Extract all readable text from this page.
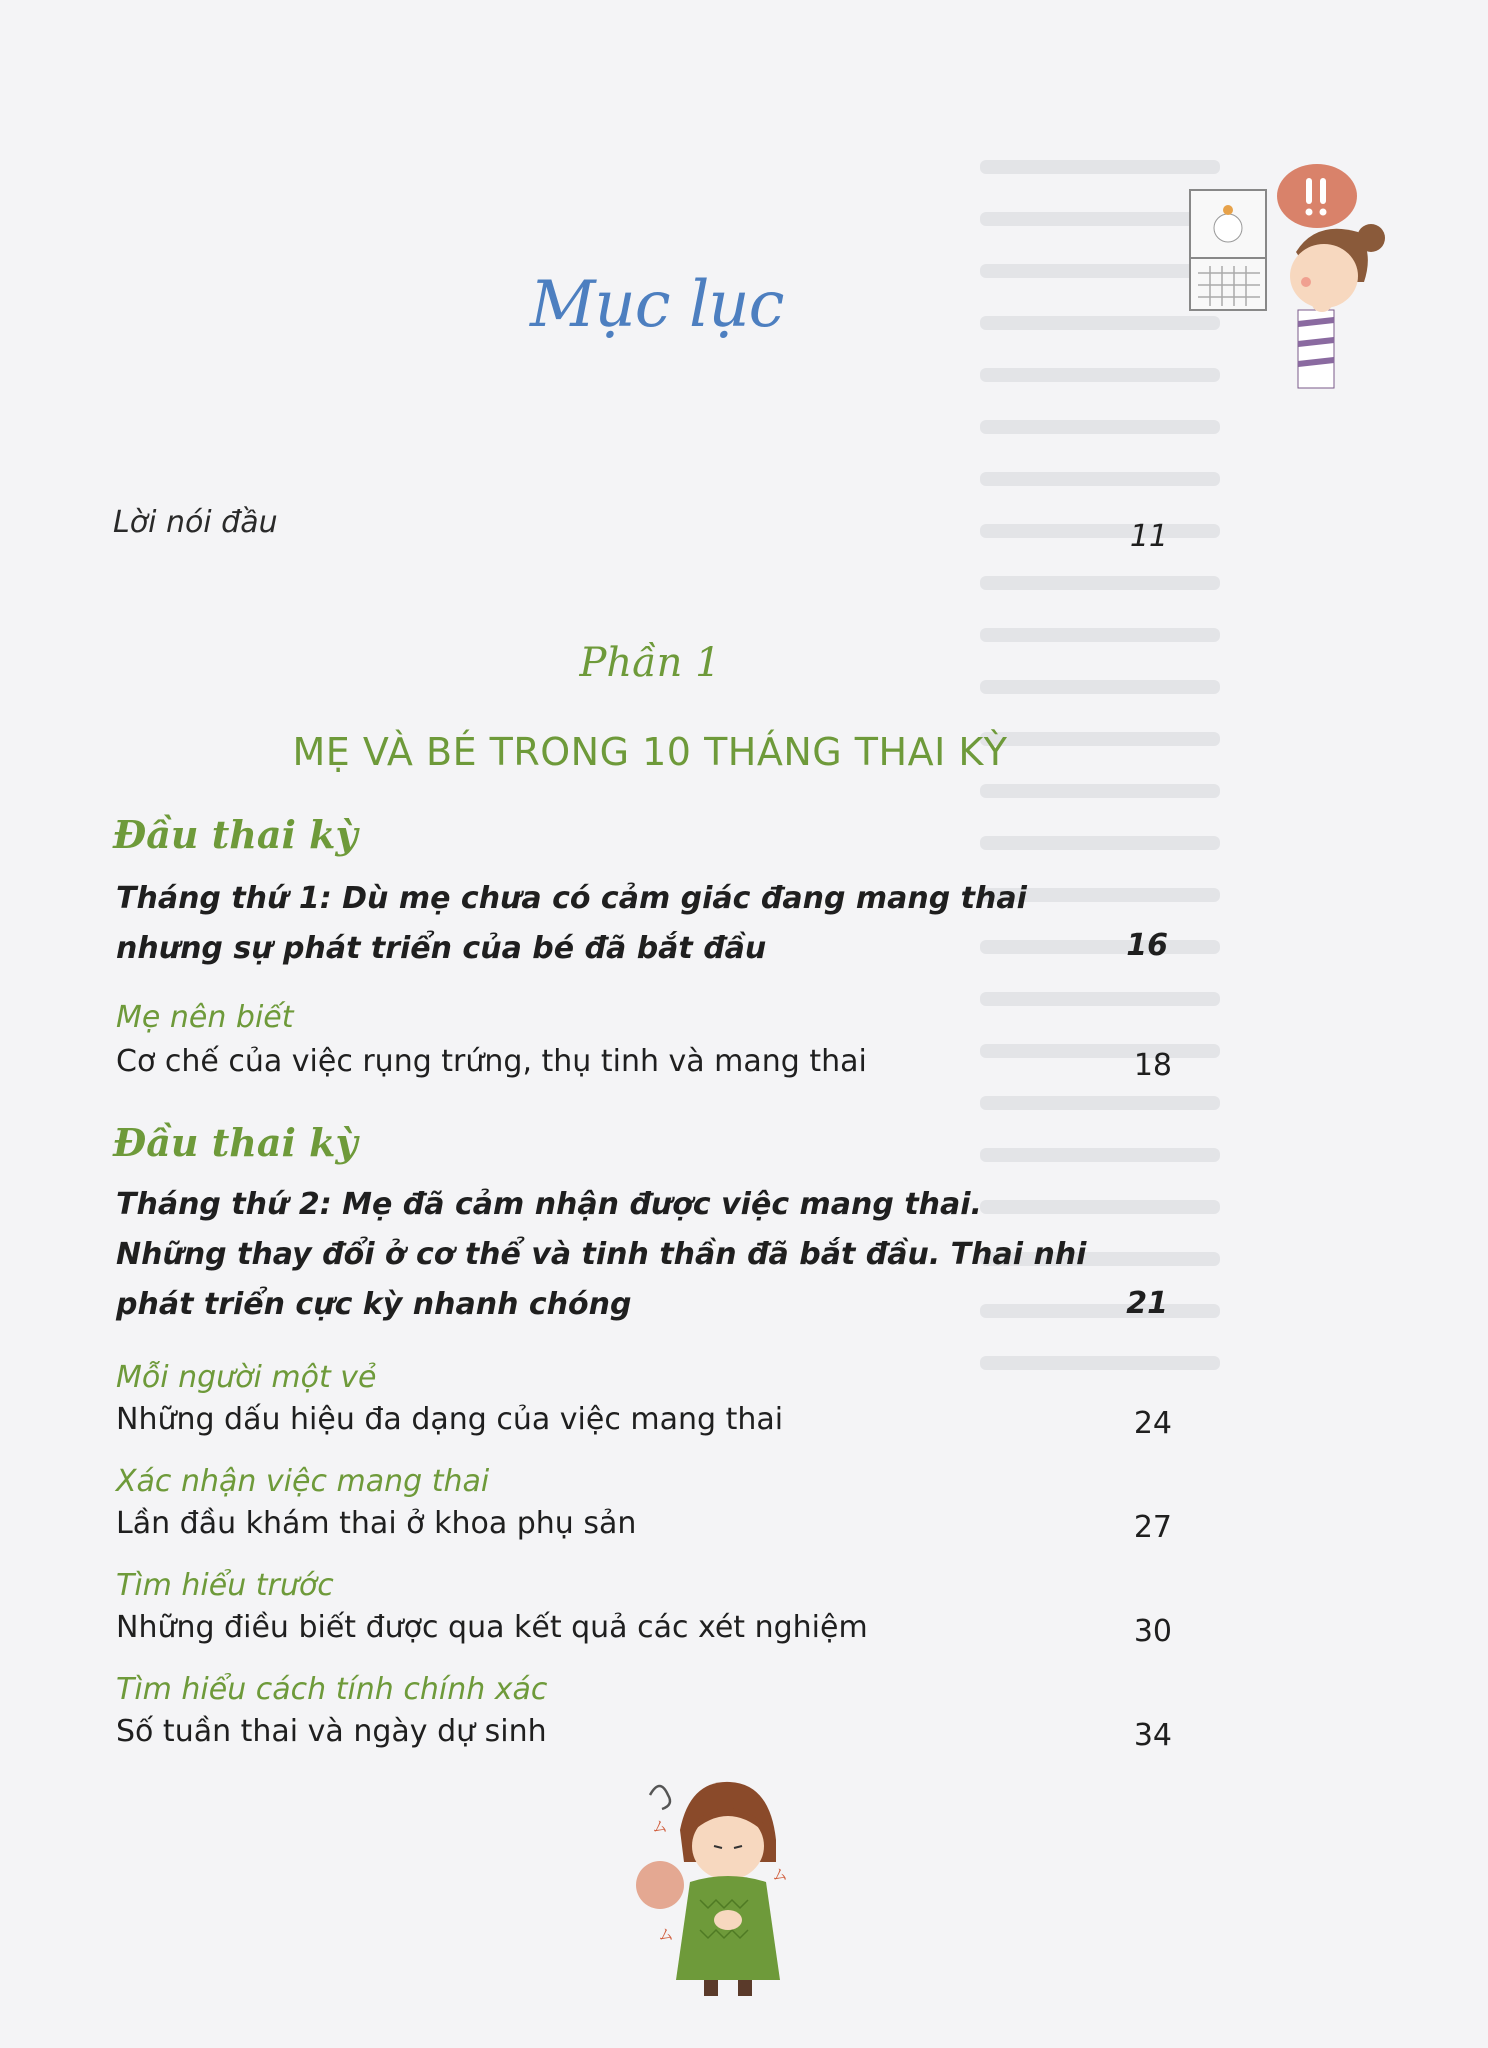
Mục lục
Lời nói đầu	11
Phần 1
MẸ VÀ BÉ TRONG 10 THÁNG THAI KỲ
Đầu thai kỳ
Tháng thứ 1: Dù mẹ chưa có cảm giác đang mang thai
nhưng sự phát triển của bé đã bắt đầu	16
Mẹ nên biết
Cơ chế của việc rụng trứng, thụ tinh và mang thai	18
Đầu thai kỳ
Tháng thứ 2: Mẹ đã cảm nhận được việc mang thai.
Những thay đổi ở cơ thể và tinh thần đã bắt đầu. Thai nhi
phát triển cực kỳ nhanh chóng	21
Mỗi người một vẻ
Những dấu hiệu đa dạng của việc mang thai	24
Xác nhận việc mang thai
Lần đầu khám thai ở khoa phụ sản	27
Tìm hiểu trước
Những điều biết được qua kết quả các xét nghiệm	30
Tìm hiểu cách tính chính xác
Số tuần thai và ngày dự sinh	34
ム
ム
ム
